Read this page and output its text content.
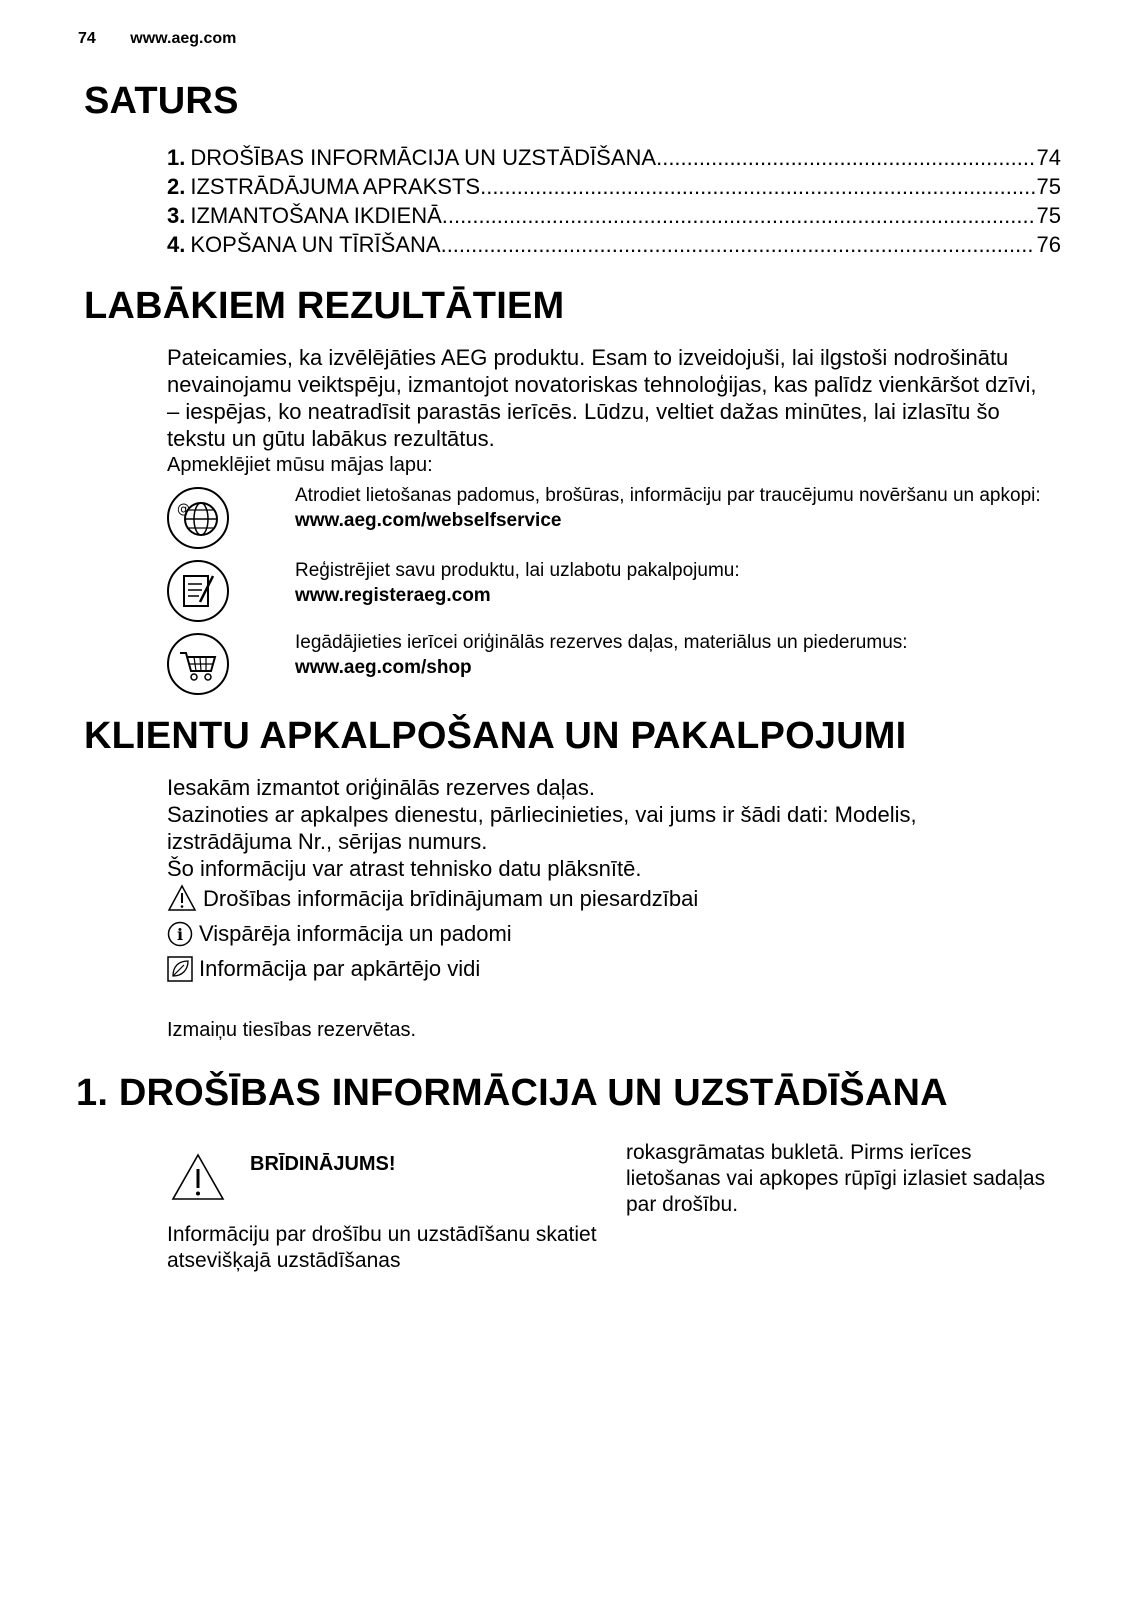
74 www.aeg.com
SATURS
1. DROŠĪBAS INFORMĀCIJA UN UZSTĀDĪŠANA .....	74
2. IZSTRĀDĀJUMA APRAKSTS .....	75
3. IZMANTOŠANA IKDIENĀ .....	75
4. KOPŠANA UN TĪRĪŠANA .....	76
LABĀKIEM REZULTĀTIEM

Pateicamies, ka izvēlējāties AEG produktu. Esam to izveidojuši, lai ilgstoši nodrošinātu nevainojamu veiktspēju, izmantojot novatoriskas tehnoloģijas, kas palīdz vienkāršot dzīvi, – iespējas, ko neatradīsit parastās ierīcēs. Lūdzu, veltiet dažas minūtes, lai izlasītu šo tekstu un gūtu labākus rezultātus.

Apmeklējiet mūsu mājas lapu:

@
Atrodiet lietošanas padomus, brošūras, informāciju par traucējumu novēršanu un apkopi:
www.aeg.com/webselfservice
Reģistrējiet savu produktu, lai uzlabotu pakalpojumu:
www.registeraeg.com
Iegādājieties ierīcei oriģinālās rezerves daļas, materiālus un piederumus:
www.aeg.com/shop
KLIENTU APKALPOŠANA UN PAKALPOJUMI

Iesakām izmantot oriģinālās rezerves daļas.

Sazinoties ar apkalpes dienestu, pārliecinieties, vai jums ir šādi dati: Modelis, izstrādājuma Nr., sērijas numurs.

Šo informāciju var atrast tehnisko datu plāksnītē.

Drošības informācija brīdinājumam un piesardzībai
i Vispārēja informācija un padomi
Informācija par apkārtējo vidi
Izmaiņu tiesības rezervētas.
1. DROŠĪBAS INFORMĀCIJA UN UZSTĀDĪŠANA
BRĪDINĀJUMS!
Informāciju par drošību un uzstādīšanu skatiet atsevišķajā uzstādīšanas
rokasgrāmatas bukletā. Pirms ierīces lietošanas vai apkopes rūpīgi izlasiet sadaļas par drošību.
